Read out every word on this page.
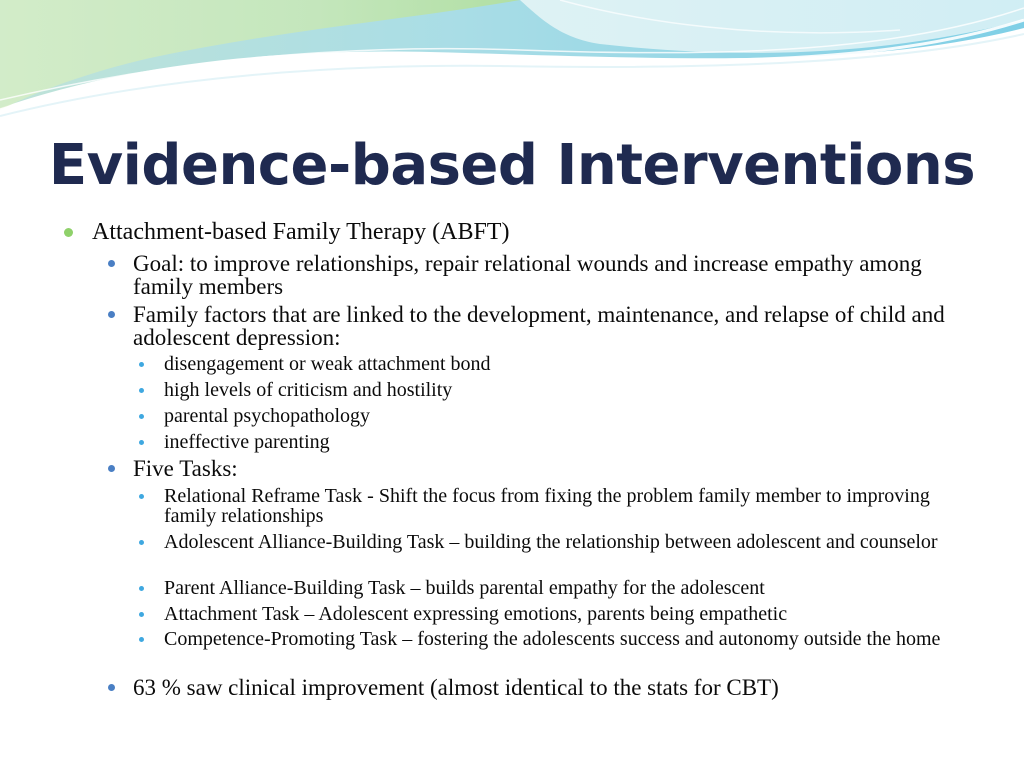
Evidence-based Interventions
Attachment-based Family Therapy (ABFT)
Goal: to improve relationships, repair relational wounds and increase empathy among family members
Family factors that are linked to the development, maintenance, and relapse of child and adolescent depression:
disengagement or weak attachment bond
high levels of criticism and hostility
parental psychopathology
ineffective parenting
Five Tasks:
Relational Reframe Task - Shift the focus from fixing the problem family member to improving family relationships
Adolescent Alliance-Building Task – building the relationship between adolescent and counselor
Parent Alliance-Building Task – builds parental empathy for the adolescent
Attachment Task – Adolescent expressing emotions, parents being empathetic
Competence-Promoting Task – fostering the adolescents success and autonomy outside the home
63 % saw clinical improvement (almost identical to the stats for CBT)
